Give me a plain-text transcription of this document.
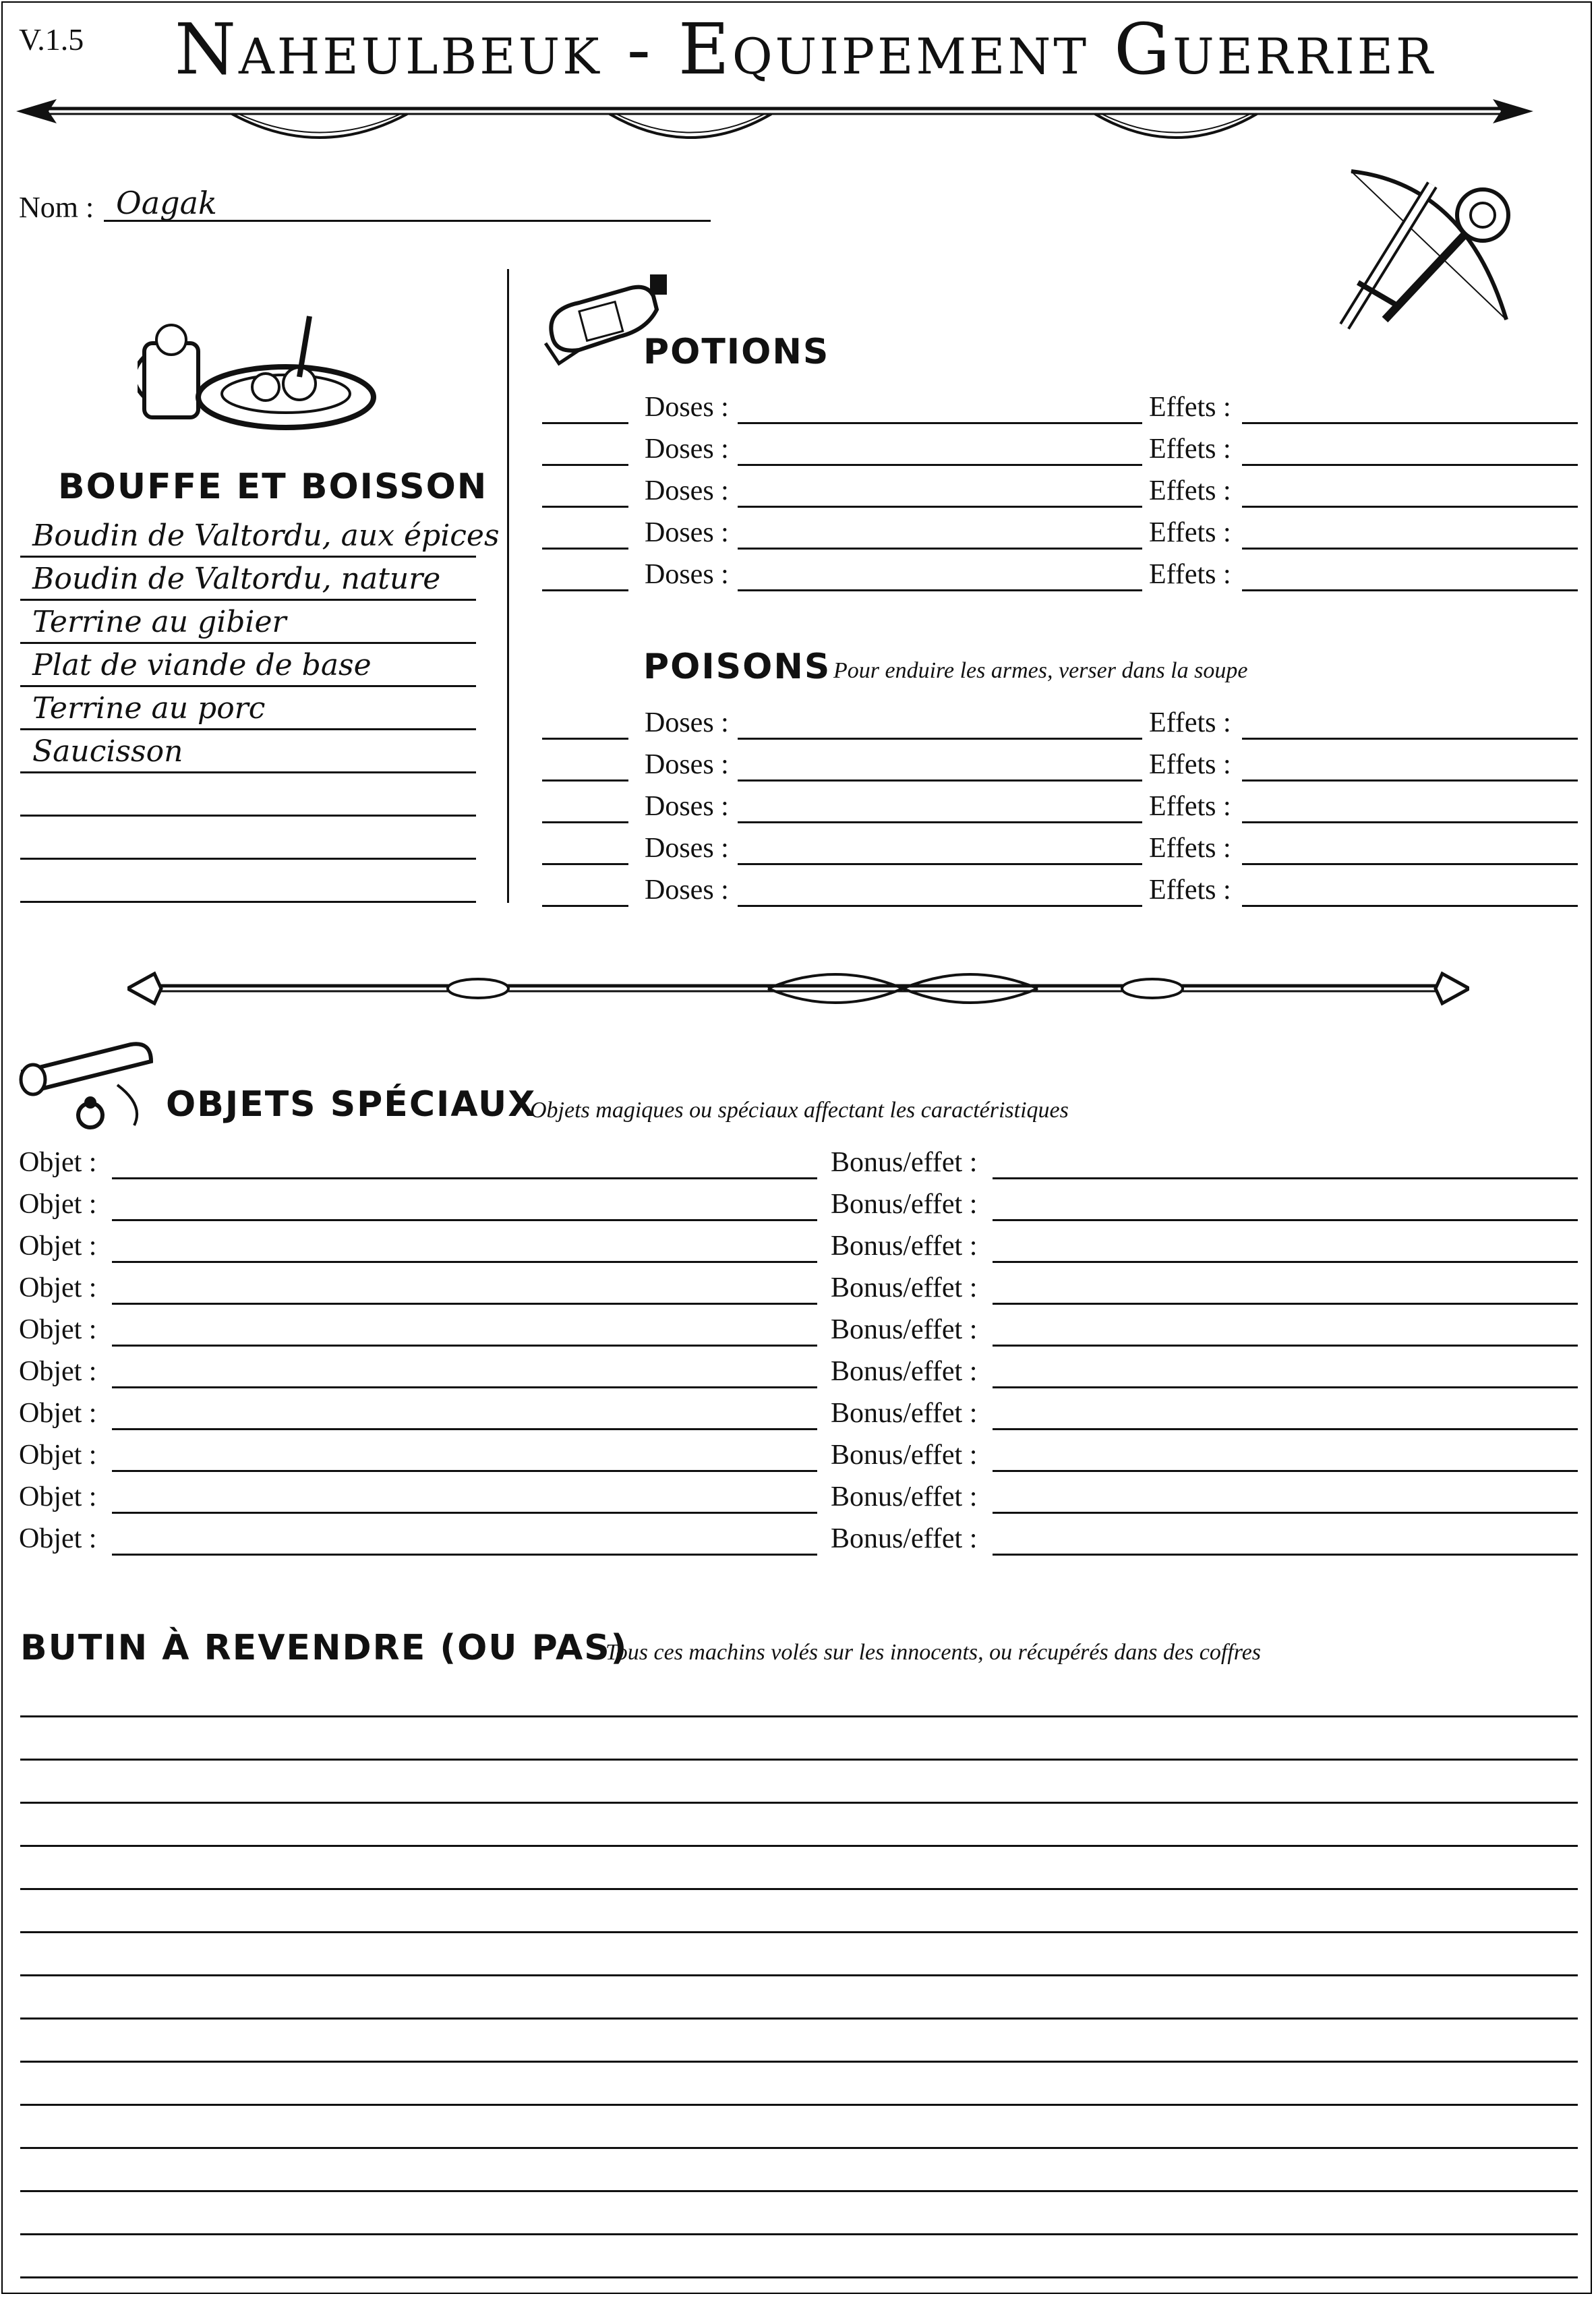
V.1.5 Naheulbeuk - Equipement Guerrier
Nom : Oagak
BOUFFE ET BOISSON
Boudin de Valtordu, aux épices
Boudin de Valtordu, nature
Terrine au gibier
Plat de viande de base
Terrine au porc
Saucisson
POTIONS
Doses :	Effets :
Doses :	Effets :
Doses :	Effets :
Doses :	Effets :
Doses :	Effets :
POISONS Pour enduire les armes, verser dans la soupe
Doses :	Effets :
Doses :	Effets :
Doses :	Effets :
Doses :	Effets :
Doses :	Effets :
OBJETS SPÉCIAUX
Objets magiques ou spéciaux affectant les caractéristiques
Objet :	Bonus/effet :
Objet :	Bonus/effet :
Objet :	Bonus/effet :
Objet :	Bonus/effet :
Objet :	Bonus/effet :
Objet :	Bonus/effet :
Objet :	Bonus/effet :
Objet :	Bonus/effet :
Objet :	Bonus/effet :
Objet :	Bonus/effet :
BUTIN À REVENDRE (OU PAS)
Tous ces machins volés sur les innocents, ou récupérés dans des coffres
